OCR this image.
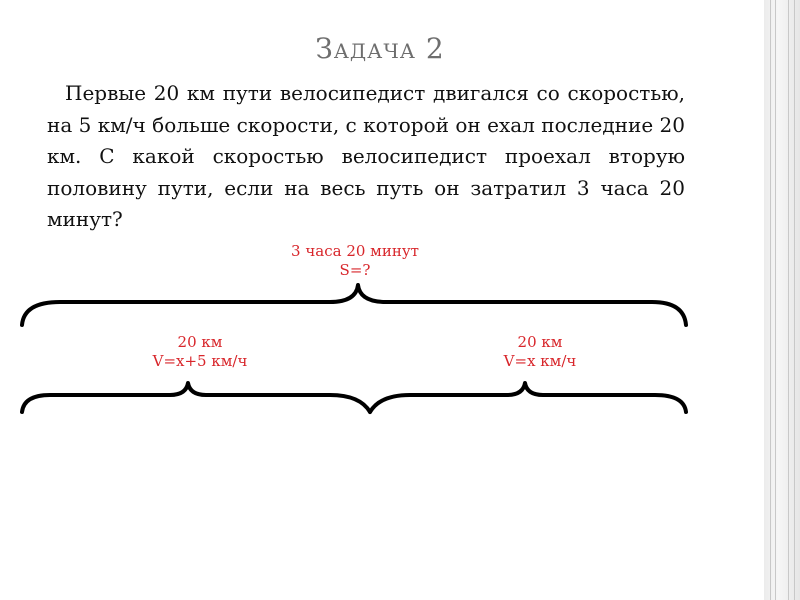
Задача 2
Первые 20 км пути велосипедист двигался со скоростью, на 5 км/ч больше скорости, с которой он ехал последние 20 км. С какой скоростью велосипедист проехал вторую половину пути, если на весь путь он затратил 3 часа 20 минут?
3 часа 20 минут
S=?
20 км
V=x+5 км/ч
20 км
V=x км/ч
